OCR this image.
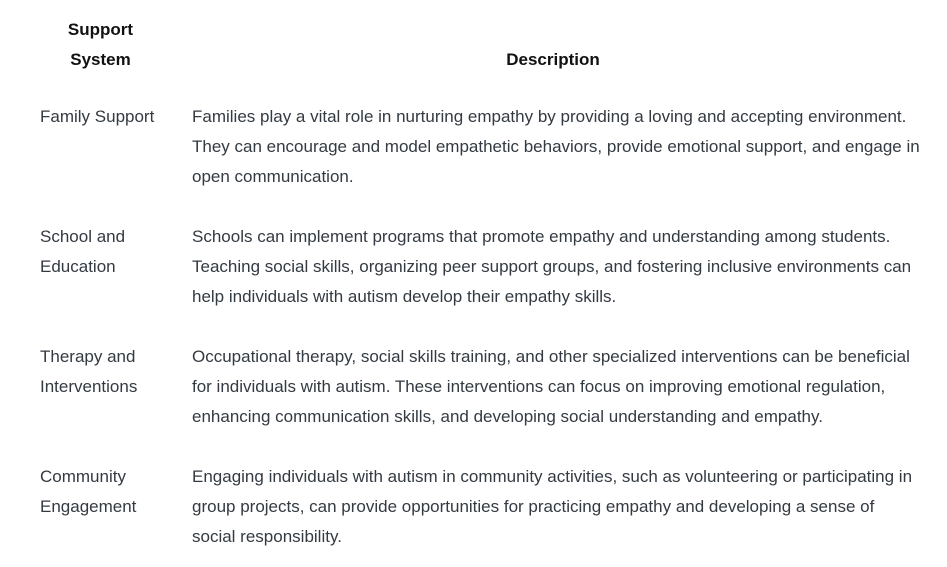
Support System	Description
Family Support	Families play a vital role in nurturing empathy by providing a loving and accepting environment. They can encourage and model empathetic behaviors, provide emotional support, and engage in open communication.
School and Education	Schools can implement programs that promote empathy and understanding among students. Teaching social skills, organizing peer support groups, and fostering inclusive environments can help individuals with autism develop their empathy skills.
Therapy and Interventions	Occupational therapy, social skills training, and other specialized interventions can be beneficial for individuals with autism. These interventions can focus on improving emotional regulation, enhancing communication skills, and developing social understanding and empathy.
Community Engagement	Engaging individuals with autism in community activities, such as volunteering or participating in group projects, can provide opportunities for practicing empathy and developing a sense of social responsibility.
